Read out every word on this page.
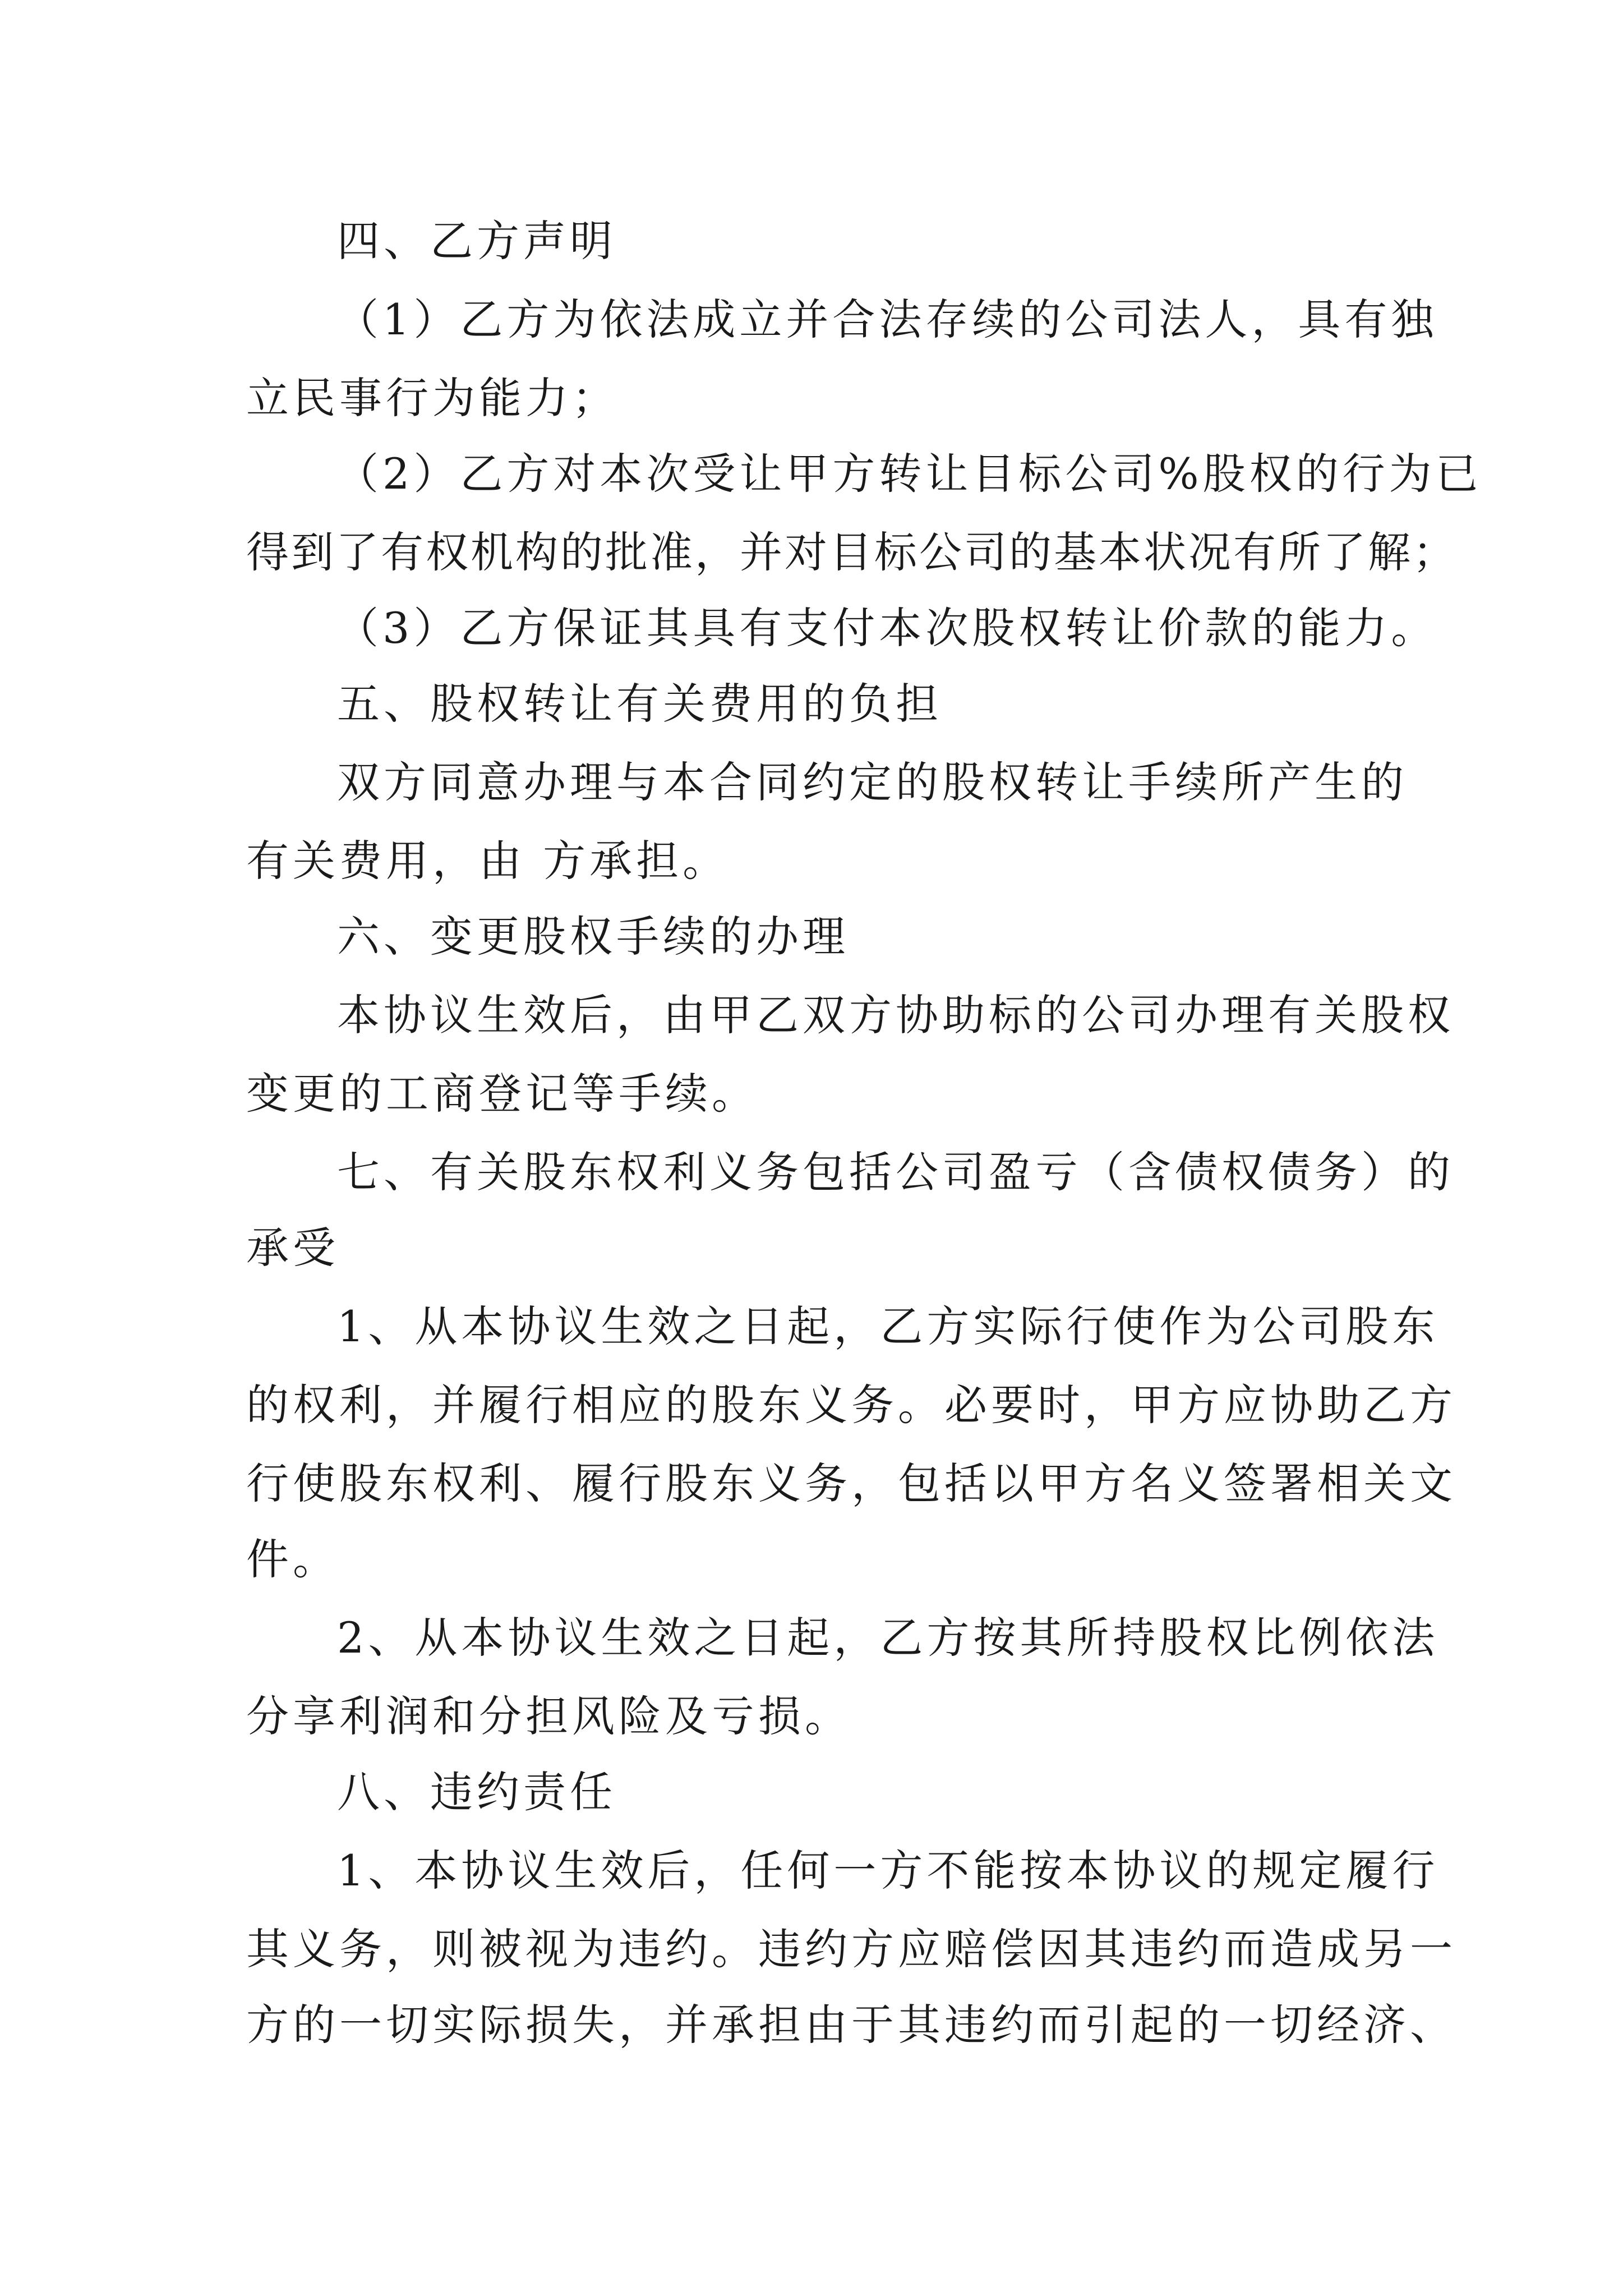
四、乙方声明
（1）乙方为依法成立并合法存续的公司法人，具有独
立民事行为能力；
（2）乙方对本次受让甲方转让目标公司%股权的行为已
得到了有权机构的批准，并对目标公司的基本状况有所了解；
（3）乙方保证其具有支付本次股权转让价款的能力。
五、股权转让有关费用的负担
双方同意办理与本合同约定的股权转让手续所产生的
有关费用，由 方承担。
六、变更股权手续的办理
本协议生效后，由甲乙双方协助标的公司办理有关股权
变更的工商登记等手续。
七、有关股东权利义务包括公司盈亏（含债权债务）的
承受
1、从本协议生效之日起，乙方实际行使作为公司股东
的权利，并履行相应的股东义务。必要时，甲方应协助乙方
行使股东权利、履行股东义务，包括以甲方名义签署相关文
件。
2、从本协议生效之日起，乙方按其所持股权比例依法
分享利润和分担风险及亏损。
八、违约责任
1、本协议生效后，任何一方不能按本协议的规定履行
其义务，则被视为违约。违约方应赔偿因其违约而造成另一
方的一切实际损失，并承担由于其违约而引起的一切经济、
